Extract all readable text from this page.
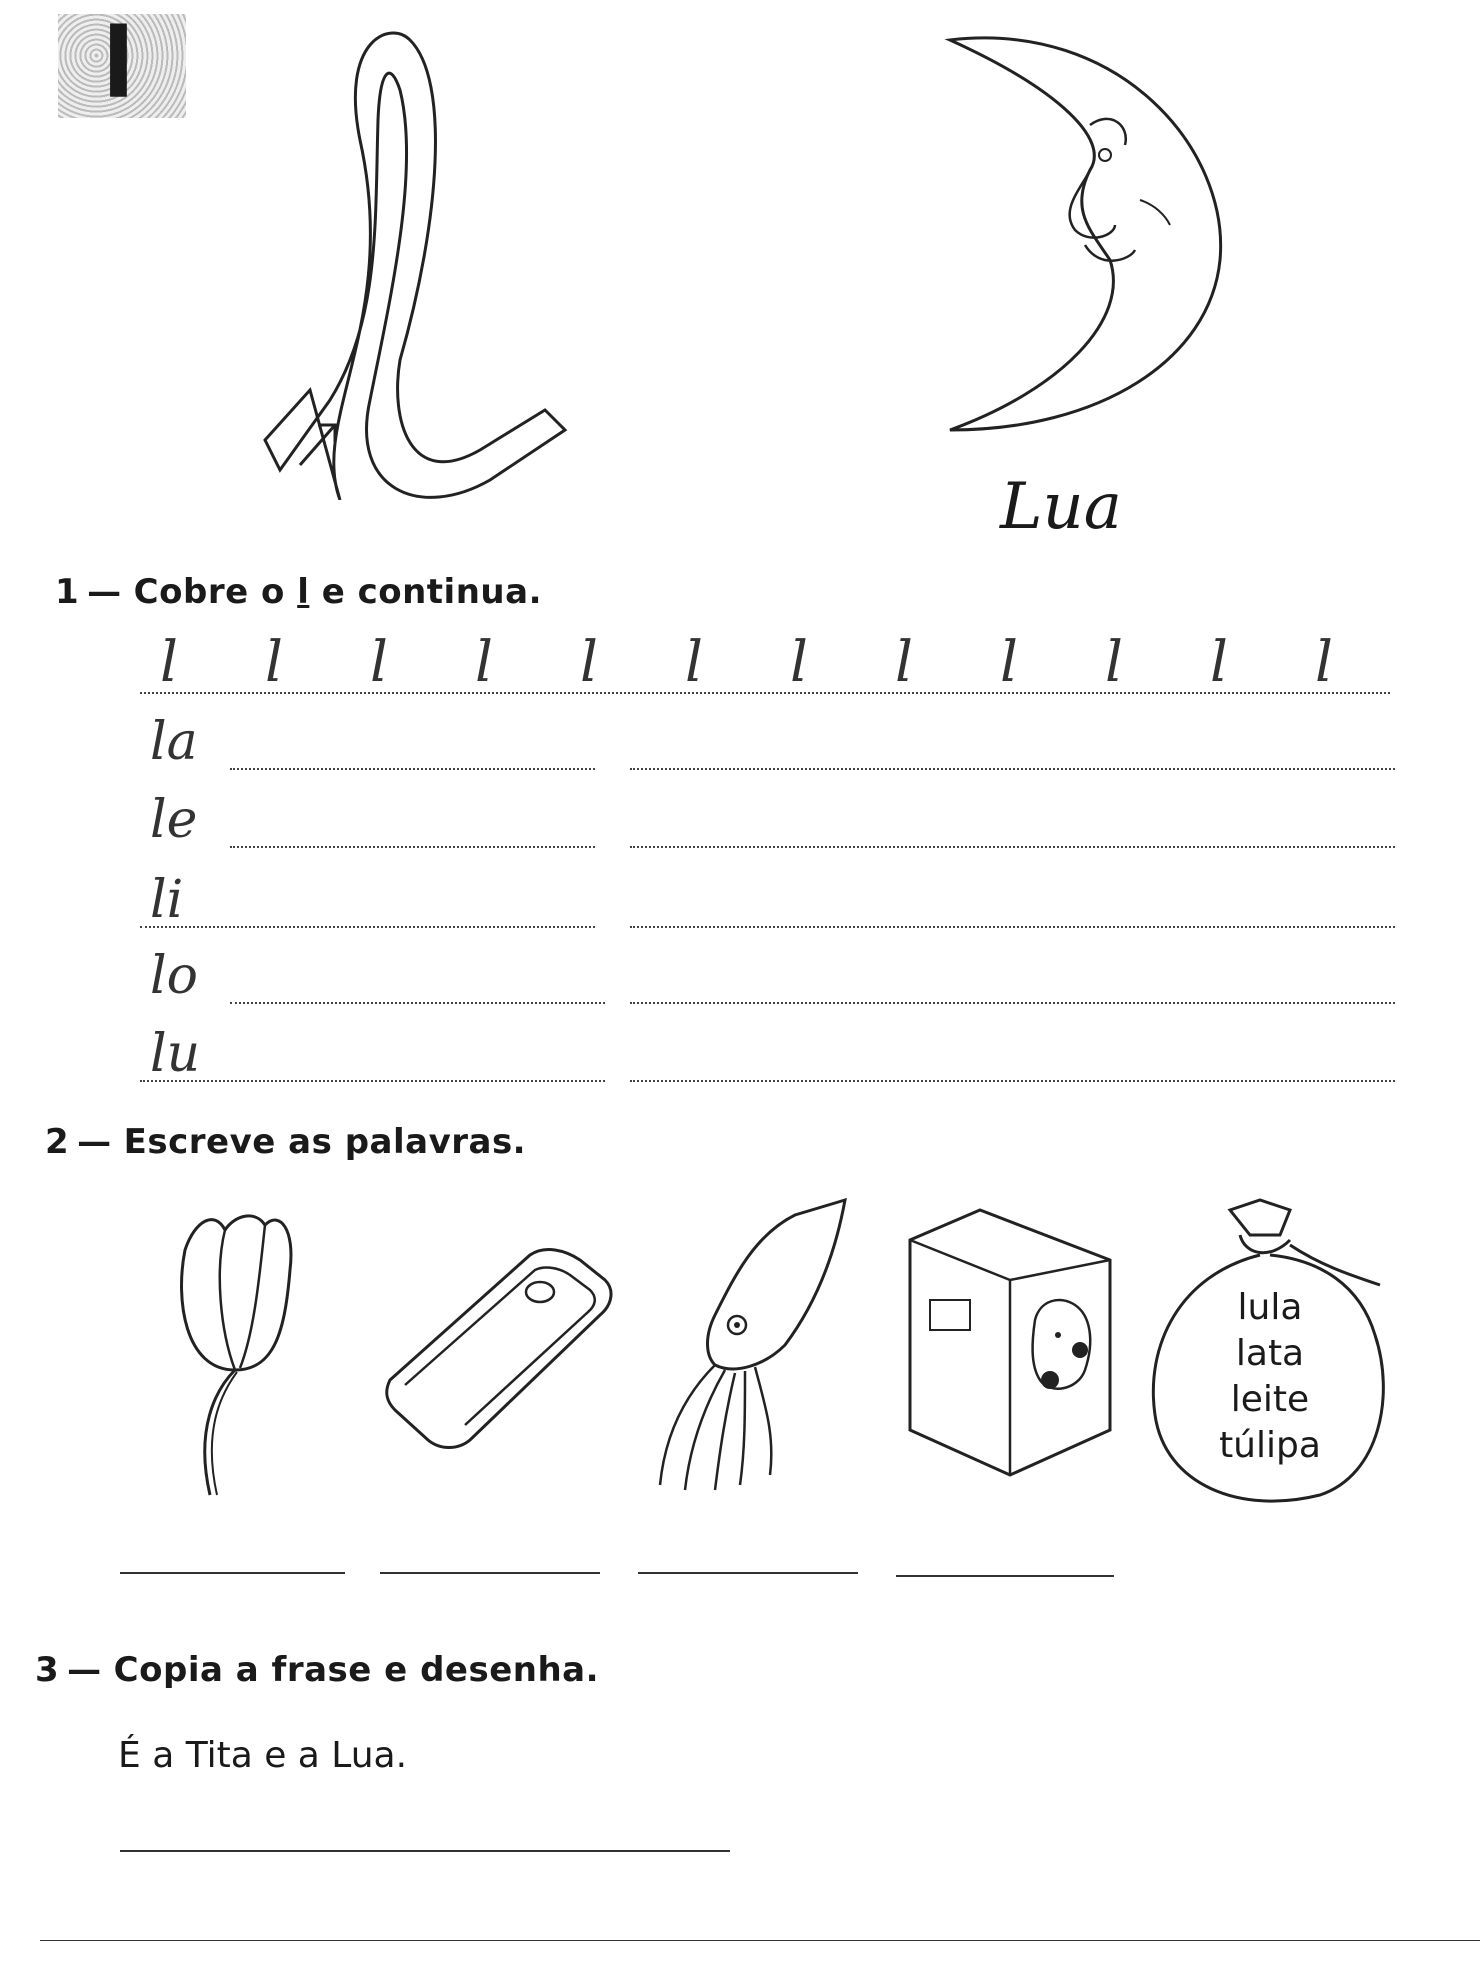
l
Lua
1 — Cobre o l e continua.
l l l l l l l l l l l l
la
le
li
lo
lu
2 — Escreve as palavras.
lula
lata
leite
túlipa
3 — Copia a frase e desenha.
É a Tita e a Lua.
